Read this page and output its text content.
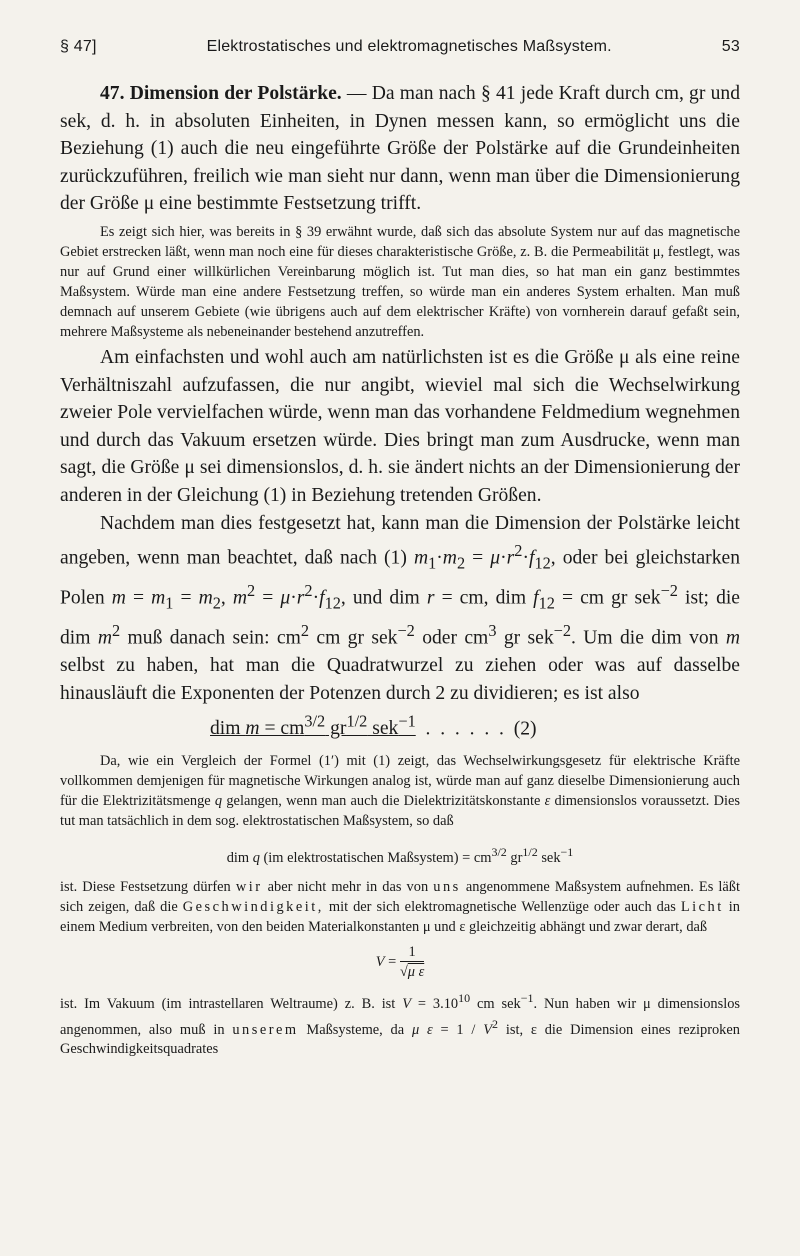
§ 47]	Elektrostatisches und elektromagnetisches Maßsystem.	53

47. Dimension der Polstärke. — Da man nach § 41 jede Kraft durch cm, gr und sek, d. h. in absoluten Einheiten, in Dynen messen kann, so ermöglicht uns die Beziehung (1) auch die neu eingeführte Größe der Polstärke auf die Grundeinheiten zurückzuführen, freilich wie man sieht nur dann, wenn man über die Dimensionierung der Größe μ eine bestimmte Festsetzung trifft.

Es zeigt sich hier, was bereits in § 39 erwähnt wurde, daß sich das absolute System nur auf das magnetische Gebiet erstrecken läßt, wenn man noch eine für dieses charakteristische Größe, z. B. die Permeabilität μ, festlegt, was nur auf Grund einer willkürlichen Vereinbarung möglich ist. Tut man dies, so hat man ein ganz bestimmtes Maßsystem. Würde man eine andere Festsetzung treffen, so würde man ein anderes System erhalten. Man muß demnach auf unserem Gebiete (wie übrigens auch auf dem elektrischer Kräfte) von vornherein darauf gefaßt sein, mehrere Maßsysteme als nebeneinander bestehend anzutreffen.

Am einfachsten und wohl auch am natürlichsten ist es die Größe μ als eine reine Verhältniszahl aufzufassen, die nur angibt, wieviel mal sich die Wechselwirkung zweier Pole vervielfachen würde, wenn man das vorhandene Feldmedium wegnehmen und durch das Vakuum ersetzen würde. Dies bringt man zum Ausdrucke, wenn man sagt, die Größe μ sei dimensionslos, d. h. sie ändert nichts an der Dimensionierung der anderen in der Gleichung (1) in Beziehung tretenden Größen.

Nachdem man dies festgesetzt hat, kann man die Dimension der Polstärke leicht angeben, wenn man beachtet, daß nach (1) $m_1\cdot m_2 = \mu\cdot r^2\cdot f_{12}$, oder bei gleichstarken Polen $m = m_1 = m_2$, $m^2 = \mu\cdot r^2\cdot f_{12}$, und dim r = cm, dim $f_{12}$ = cm gr sek$^{-2}$ ist; die dim $m^2$ muß danach sein: $cm^2$ cm gr sek$^{-2}$ oder $cm^3$ gr sek$^{-2}$. Um die dim von m selbst zu haben, hat man die Quadratwurzel zu ziehen oder was auf dasselbe hinausläuft die Exponenten der Potenzen durch 2 zu dividieren; es ist also

dim $m = cm^{3/2}$ $gr^{1/2}$ sek$^{-1}$  .  .  .  .  .  .  (2)

Da, wie ein Vergleich der Formel (1′) mit (1) zeigt, das Wechselwirkungsgesetz für elektrische Kräfte vollkommen demjenigen für magnetische Wirkungen analog ist, würde man auf ganz dieselbe Dimensionierung auch für die Elektrizitätsmenge q gelangen, wenn man auch die Dielektrizitätskonstante ε dimensionslos voraussetzt. Dies tut man tatsächlich in dem sog. elektrostatischen Maßsystem, so daß

dim q (im elektrostatischen Maßsystem) = $cm^{3/2}$ $gr^{1/2}$ sek$^{-1}$

ist. Diese Festsetzung dürfen wir aber nicht mehr in das von uns angenommene Maßsystem aufnehmen. Es läßt sich zeigen, daß die Geschwindigkeit, mit der sich elektromagnetische Wellenzüge oder auch das Licht in einem Medium verbreiten, von den beiden Materialkonstanten μ und ε gleichzeitig abhängt und zwar derart, daß

$V = \frac{1}{\text{√μ ε}}$

ist. Im Vakuum (im intrastellaren Weltraume) z. B. ist $V = 3.10^{10}$ cm sek$^{-1}$. Nun haben wir μ dimensionslos angenommen, also muß in unserem Maßsysteme, da μ $\varepsilon = 1 / V^2$ ist, ε die Dimension eines reziproken Geschwindigkeitsquadrates
